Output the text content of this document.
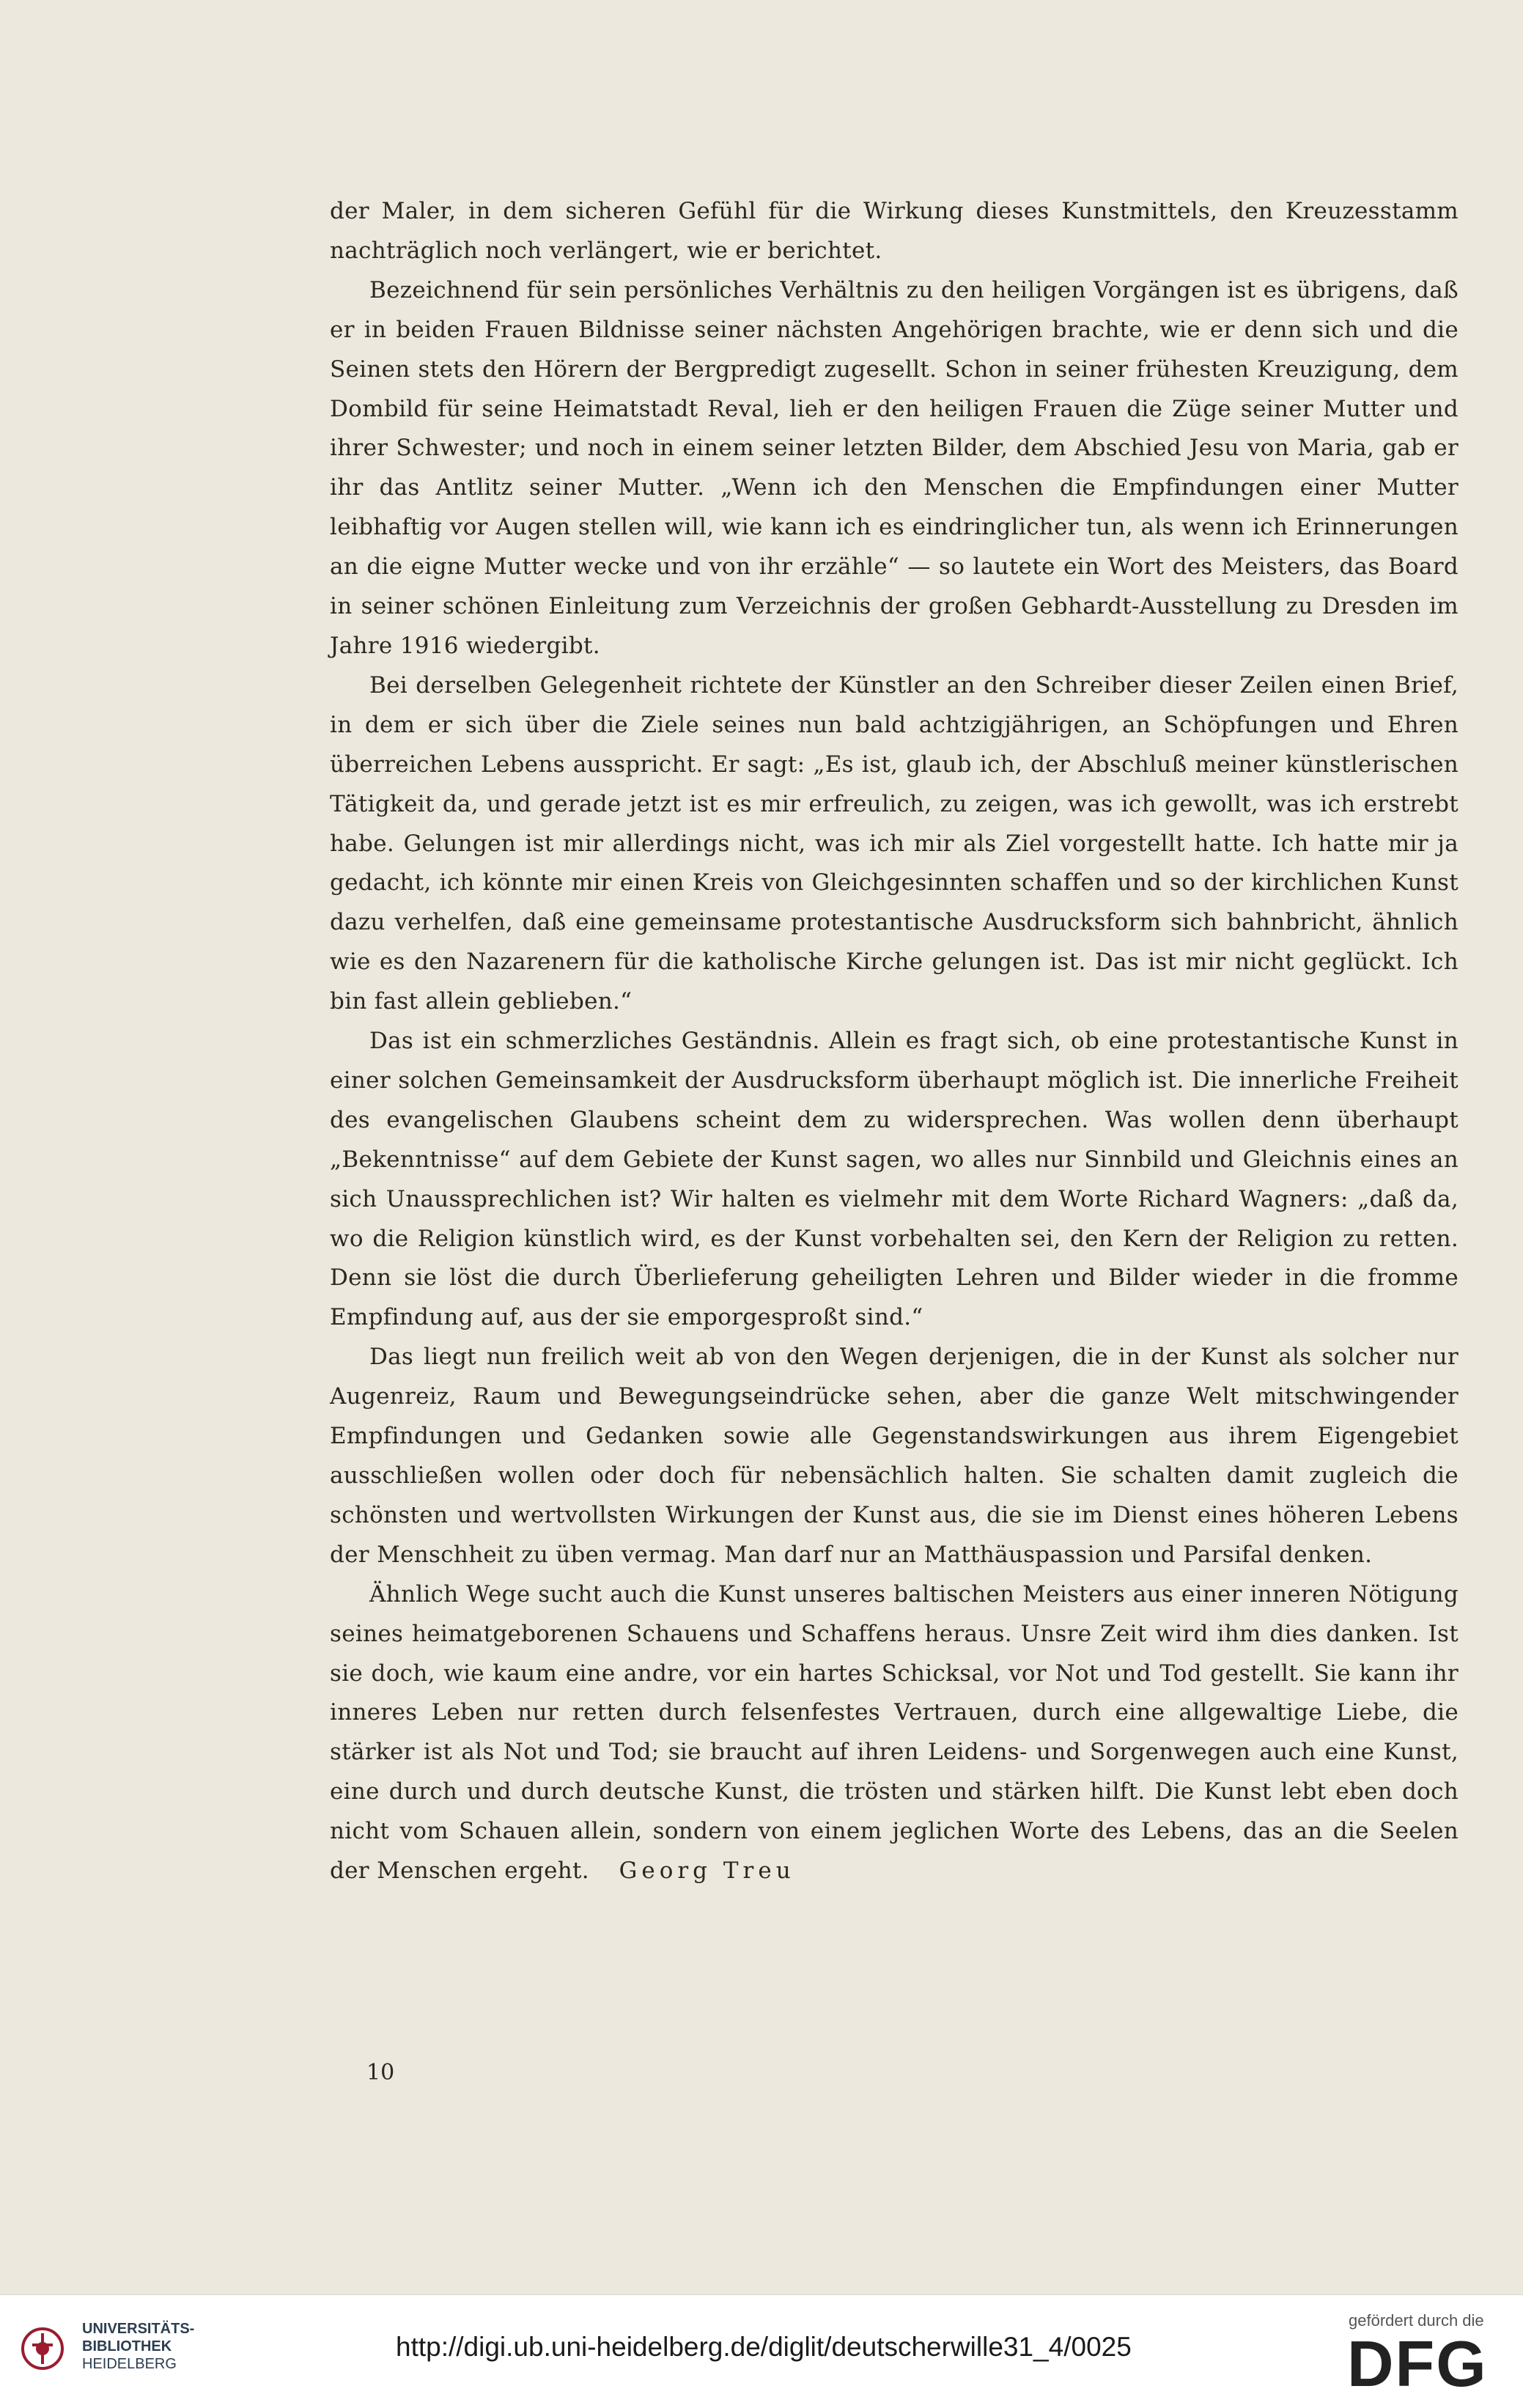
der Maler, in dem sicheren Gefühl für die Wirkung dieses Kunstmittels, den Kreuzesstamm nachträglich noch verlängert, wie er berichtet.

Bezeichnend für sein persönliches Verhältnis zu den heiligen Vorgängen ist es übrigens, daß er in beiden Frauen Bildnisse seiner nächsten Angehörigen brachte, wie er denn sich und die Seinen stets den Hörern der Bergpredigt zugesellt. Schon in seiner frühesten Kreuzigung, dem Dombild für seine Heimatstadt Reval, lieh er den heiligen Frauen die Züge seiner Mutter und ihrer Schwester; und noch in einem seiner letzten Bilder, dem Abschied Jesu von Maria, gab er ihr das Antlitz seiner Mutter. „Wenn ich den Menschen die Empfindungen einer Mutter leibhaftig vor Augen stellen will, wie kann ich es eindringlicher tun, als wenn ich Erinnerungen an die eigne Mutter wecke und von ihr erzähle“ — so lautete ein Wort des Meisters, das Board in seiner schönen Einleitung zum Verzeichnis der großen Gebhardt-Ausstellung zu Dresden im Jahre 1916 wiedergibt.

Bei derselben Gelegenheit richtete der Künstler an den Schreiber dieser Zeilen einen Brief, in dem er sich über die Ziele seines nun bald achtzigjährigen, an Schöpfungen und Ehren überreichen Lebens ausspricht. Er sagt: „Es ist, glaub ich, der Abschluß meiner künstlerischen Tätigkeit da, und gerade jetzt ist es mir erfreulich, zu zeigen, was ich gewollt, was ich erstrebt habe. Gelungen ist mir allerdings nicht, was ich mir als Ziel vorgestellt hatte. Ich hatte mir ja gedacht, ich könnte mir einen Kreis von Gleichgesinnten schaffen und so der kirchlichen Kunst dazu verhelfen, daß eine gemeinsame protestantische Ausdrucksform sich bahnbricht, ähnlich wie es den Nazarenern für die katholische Kirche gelungen ist. Das ist mir nicht geglückt. Ich bin fast allein geblieben.“

Das ist ein schmerzliches Geständnis. Allein es fragt sich, ob eine protestantische Kunst in einer solchen Gemeinsamkeit der Ausdrucksform überhaupt möglich ist. Die innerliche Freiheit des evangelischen Glaubens scheint dem zu widersprechen. Was wollen denn überhaupt „Bekenntnisse“ auf dem Gebiete der Kunst sagen, wo alles nur Sinnbild und Gleichnis eines an sich Unaussprechlichen ist? Wir halten es vielmehr mit dem Worte Richard Wagners: „daß da, wo die Religion künstlich wird, es der Kunst vorbehalten sei, den Kern der Religion zu retten. Denn sie löst die durch Überlieferung geheiligten Lehren und Bilder wieder in die fromme Empfindung auf, aus der sie emporgesproßt sind.“

Das liegt nun freilich weit ab von den Wegen derjenigen, die in der Kunst als solcher nur Augenreiz, Raum und Bewegungseindrücke sehen, aber die ganze Welt mitschwingender Empfindungen und Gedanken sowie alle Gegenstandswirkungen aus ihrem Eigengebiet ausschließen wollen oder doch für nebensächlich halten. Sie schalten damit zugleich die schönsten und wertvollsten Wirkungen der Kunst aus, die sie im Dienst eines höheren Lebens der Menschheit zu üben vermag. Man darf nur an Matthäuspassion und Parsifal denken.

Ähnlich Wege sucht auch die Kunst unseres baltischen Meisters aus einer inneren Nötigung seines heimatgeborenen Schauens und Schaffens heraus. Unsre Zeit wird ihm dies danken. Ist sie doch, wie kaum eine andre, vor ein hartes Schicksal, vor Not und Tod gestellt. Sie kann ihr inneres Leben nur retten durch felsenfestes Vertrauen, durch eine allgewaltige Liebe, die stärker ist als Not und Tod; sie braucht auf ihren Leidens- und Sorgenwegen auch eine Kunst, eine durch und durch deutsche Kunst, die trösten und stärken hilft. Die Kunst lebt eben doch nicht vom Schauen allein, sondern von einem jeglichen Worte des Lebens, das an die Seelen der Menschen ergeht. Georg Treu

10
UNIVERSITÄTS-
BIBLIOTHEK
HEIDELBERG
http://digi.ub.uni-heidelberg.de/diglit/deutscherwille31_4/0025
gefördert durch die
DFG
